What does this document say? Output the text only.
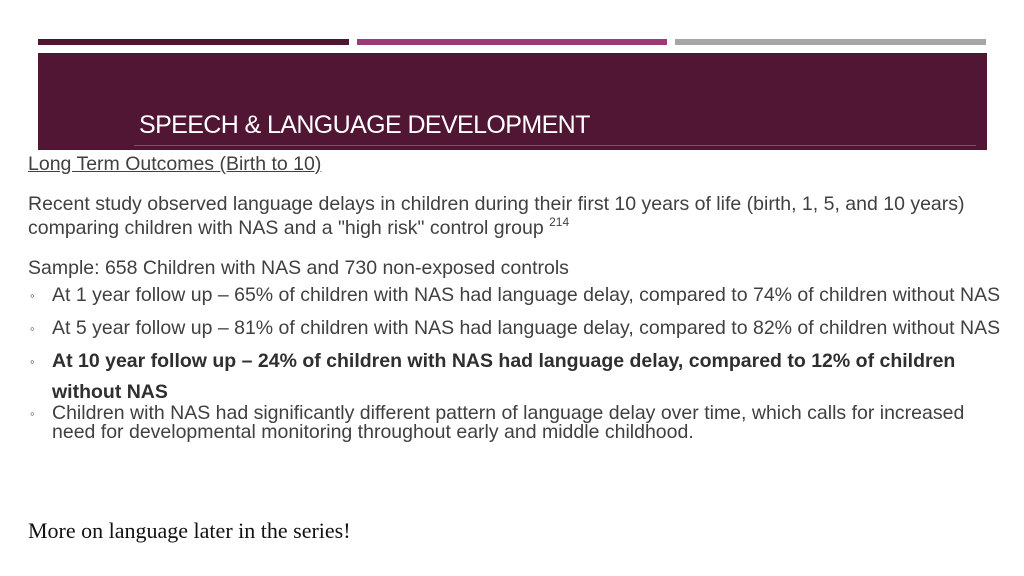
SPEECH & LANGUAGE DEVELOPMENT

Long Term Outcomes (Birth to 10)

Recent study observed language delays in children during their first 10 years of life (birth, 1, 5, and 10 years) comparing children with NAS and a "high risk" control group $^{214}$

Sample: 658 Children with NAS and 730 non-exposed controls

◦ At 1 year follow up – 65% of children with NAS had language delay, compared to 74% of children without NAS
◦ At 5 year follow up – 81% of children with NAS had language delay, compared to 82% of children without NAS
◦ At 10 year follow up – 24% of children with NAS had language delay, compared to 12% of children without NAS
◦ Children with NAS had significantly different pattern of language delay over time, which calls for increased need for developmental monitoring throughout early and middle childhood.
More on language later in the series!
